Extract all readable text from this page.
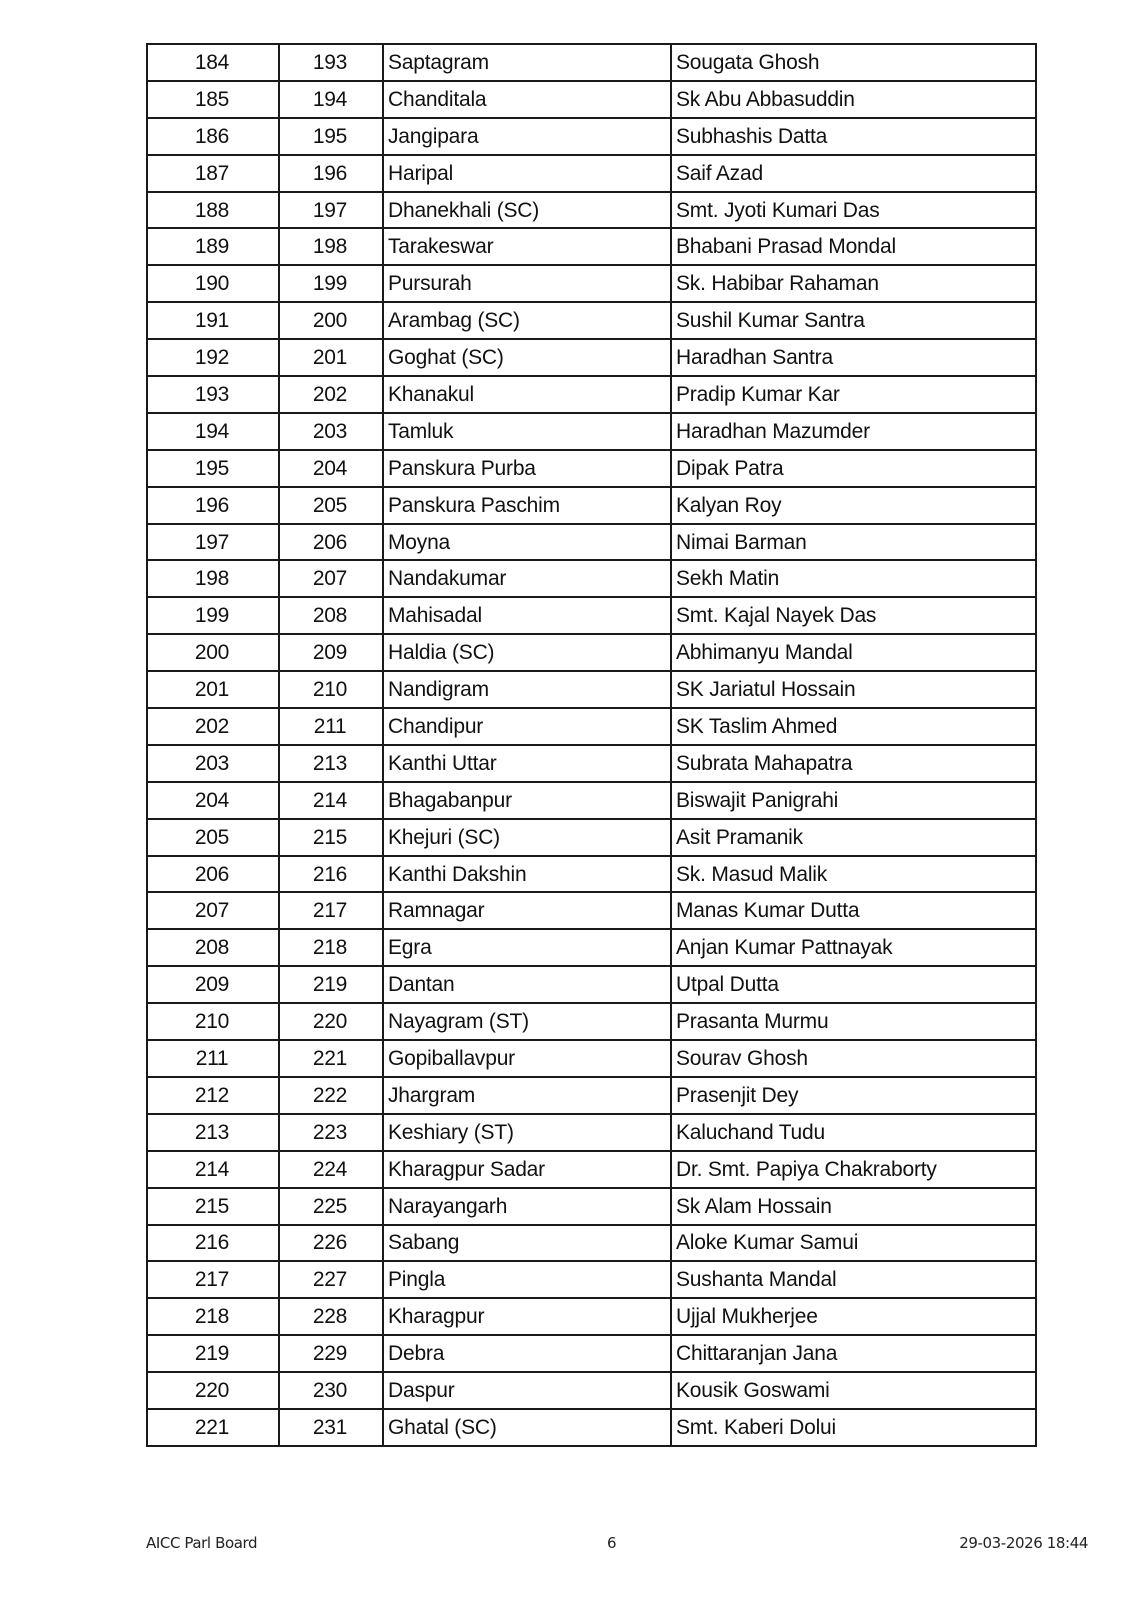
184	193	Saptagram	Sougata Ghosh
185	194	Chanditala	Sk Abu Abbasuddin
186	195	Jangipara	Subhashis Datta
187	196	Haripal	Saif Azad
188	197	Dhanekhali (SC)	Smt. Jyoti Kumari Das
189	198	Tarakeswar	Bhabani Prasad Mondal
190	199	Pursurah	Sk. Habibar Rahaman
191	200	Arambag (SC)	Sushil Kumar Santra
192	201	Goghat (SC)	Haradhan Santra
193	202	Khanakul	Pradip Kumar Kar
194	203	Tamluk	Haradhan Mazumder
195	204	Panskura Purba	Dipak Patra
196	205	Panskura Paschim	Kalyan Roy
197	206	Moyna	Nimai Barman
198	207	Nandakumar	Sekh Matin
199	208	Mahisadal	Smt. Kajal Nayek Das
200	209	Haldia (SC)	Abhimanyu Mandal
201	210	Nandigram	SK Jariatul Hossain
202	211	Chandipur	SK Taslim Ahmed
203	213	Kanthi Uttar	Subrata Mahapatra
204	214	Bhagabanpur	Biswajit Panigrahi
205	215	Khejuri (SC)	Asit Pramanik
206	216	Kanthi Dakshin	Sk. Masud Malik
207	217	Ramnagar	Manas Kumar Dutta
208	218	Egra	Anjan Kumar Pattnayak
209	219	Dantan	Utpal Dutta
210	220	Nayagram (ST)	Prasanta Murmu
211	221	Gopiballavpur	Sourav Ghosh
212	222	Jhargram	Prasenjit Dey
213	223	Keshiary (ST)	Kaluchand Tudu
214	224	Kharagpur Sadar	Dr. Smt. Papiya Chakraborty
215	225	Narayangarh	Sk Alam Hossain
216	226	Sabang	Aloke Kumar Samui
217	227	Pingla	Sushanta Mandal
218	228	Kharagpur	Ujjal Mukherjee
219	229	Debra	Chittaranjan Jana
220	230	Daspur	Kousik Goswami
221	231	Ghatal (SC)	Smt. Kaberi Dolui
AICC Parl Board	6	29-03-2026 18:44
